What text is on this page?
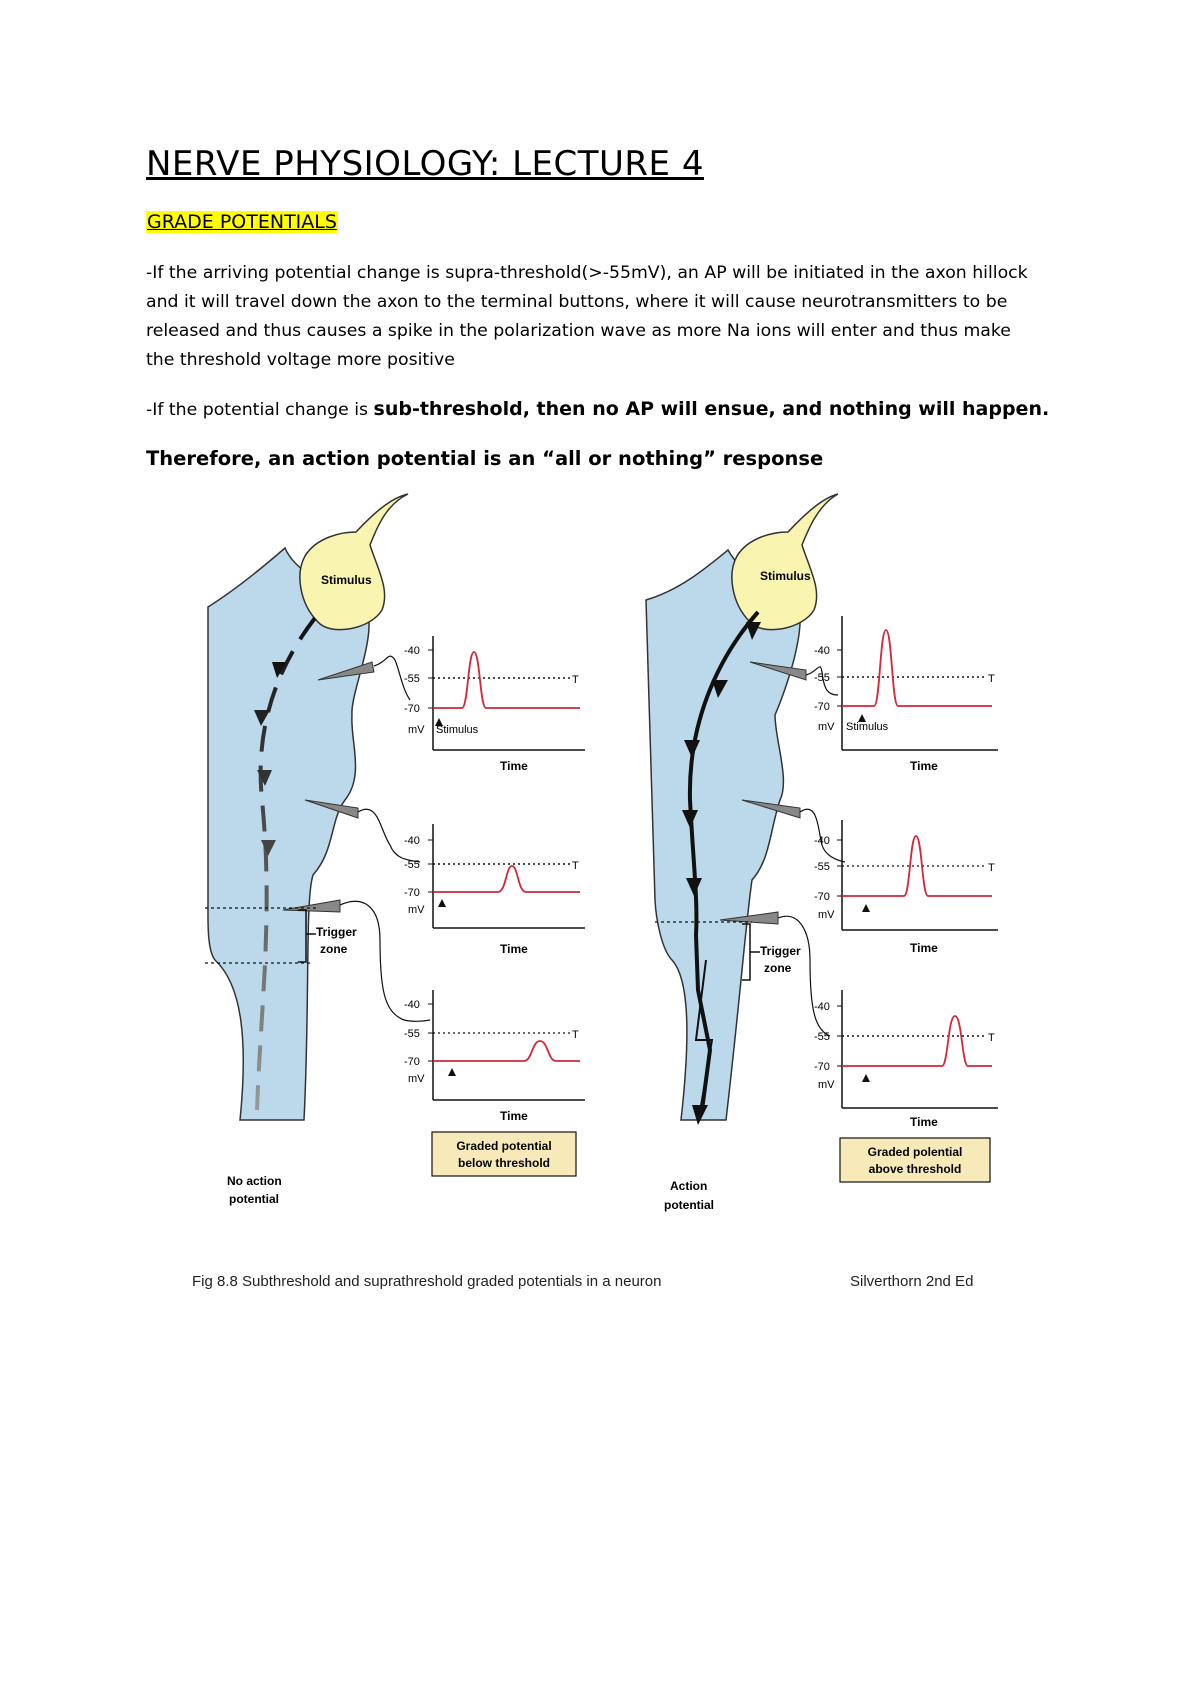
NERVE PHYSIOLOGY: LECTURE 4
GRADE POTENTIALS
-If the arriving potential change is supra-threshold(>-55mV), an AP will be initiated in the axon hillock
and it will travel down the axon to the terminal buttons, where it will cause neurotransmitters to be
released and thus causes a spike in the polarization wave as more Na ions will enter and thus make
the threshold voltage more positive
-If the potential change is sub-threshold, then no AP will ensue, and nothing will happen.
Therefore, an action potential is an “all or nothing” response
Stimulus
Trigger
zone
No action
potential
Stimulus
Trigger
zone
Action
potential
-40
-55
-70
mV
T
Stimulus
Time
-40
-55
-70
mV
T
Time
-40
-55
-70
mV
T
Time
Graded potential
below threshold
-40
-55
-70
mV
T
Stimulus
Time
-40
-55
-70
mV
T
Time
-40
-55
-70
mV
T
Time
Graded polential
above threshold
Fig 8.8 Subthreshold and suprathreshold graded potentials in a neuron	Silverthorn 2nd Ed
